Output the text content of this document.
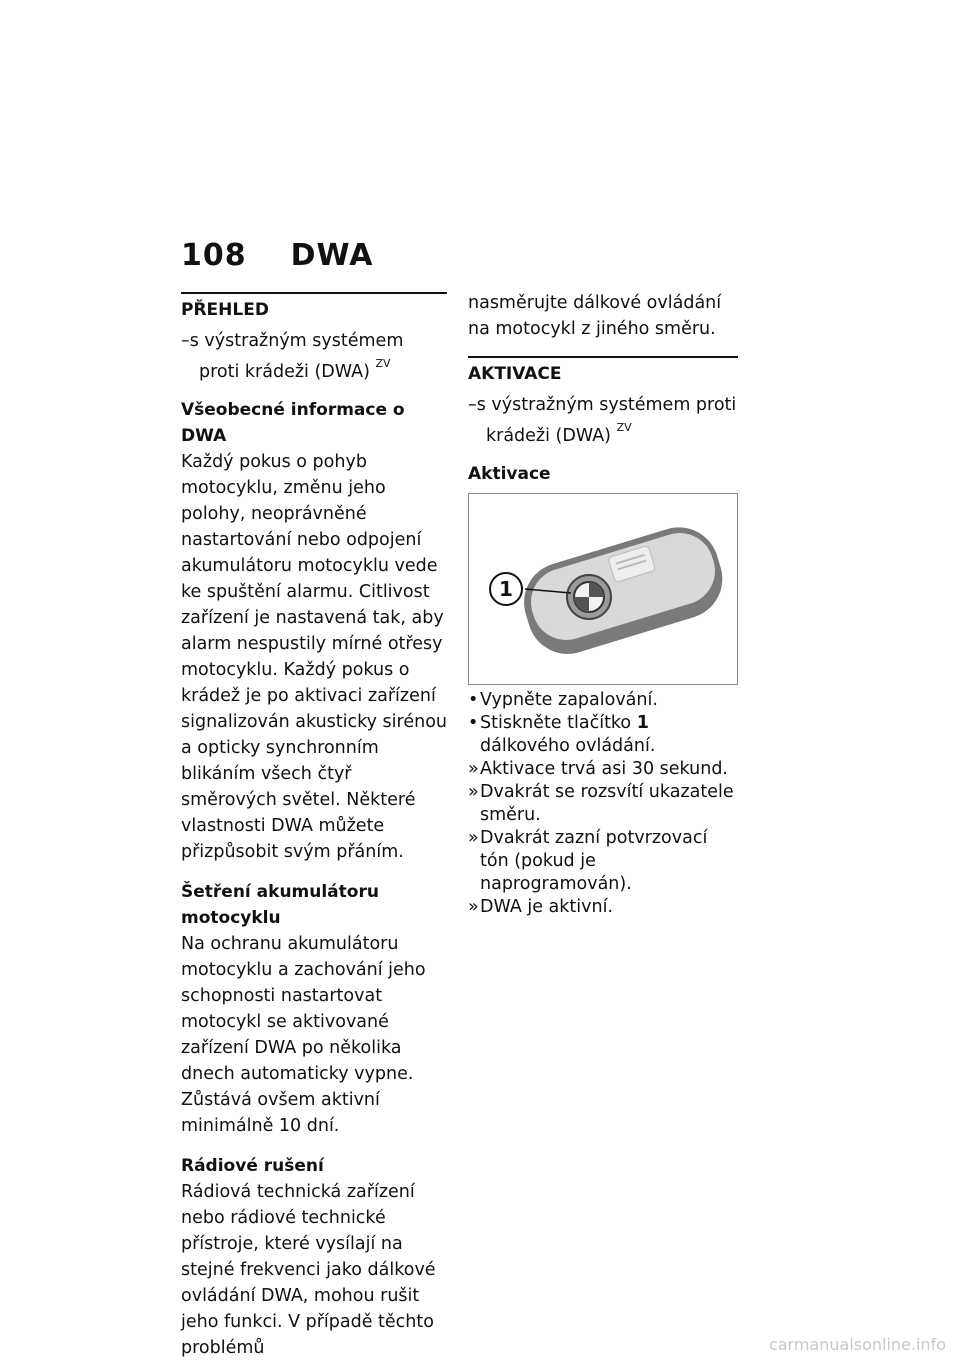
108 DWA
PŘEHLED
–s výstražným systémem proti krádeži (DWA) $^{ZV}$
Všeobecné informace o DWA
Každý pokus o pohyb motocyklu, změnu jeho polohy, neoprávněné nastartování nebo odpojení akumulátoru motocyklu vede ke spuštění alarmu. Citlivost zařízení je nastavená tak, aby alarm nespustily mírné otřesy motocyklu. Každý pokus o krádež je po aktivaci zařízení signalizován akusticky sirénou a opticky synchronním blikáním všech čtyř směrových světel. Některé vlastnosti DWA můžete přizpůsobit svým přáním.
Šetření akumulátoru motocyklu
Na ochranu akumulátoru motocyklu a zachování jeho schopnosti nastartovat motocykl se aktivované zařízení DWA po několika dnech automaticky vypne. Zůstává ovšem aktivní minimálně 10 dní.
Rádiové rušení
Rádiová technická zařízení nebo rádiové technické přístroje, které vysílají na stejné frekvenci jako dálkové ovládání DWA, mohou rušit jeho funkci. V případě těchto problémů
nasměrujte dálkové ovládání na motocykl z jiného směru.
AKTIVACE
–s výstražným systémem proti krádeži (DWA) $^{ZV}$
Aktivace
1
• Vypněte zapalování.
• Stiskněte tlačítko 1 dálkového ovládání.
» Aktivace trvá asi 30 sekund.
» Dvakrát se rozsvítí ukazatele směru.
» Dvakrát zazní potvrzovací tón (pokud je naprogramován).
» DWA je aktivní.
carmanualsonline.info
